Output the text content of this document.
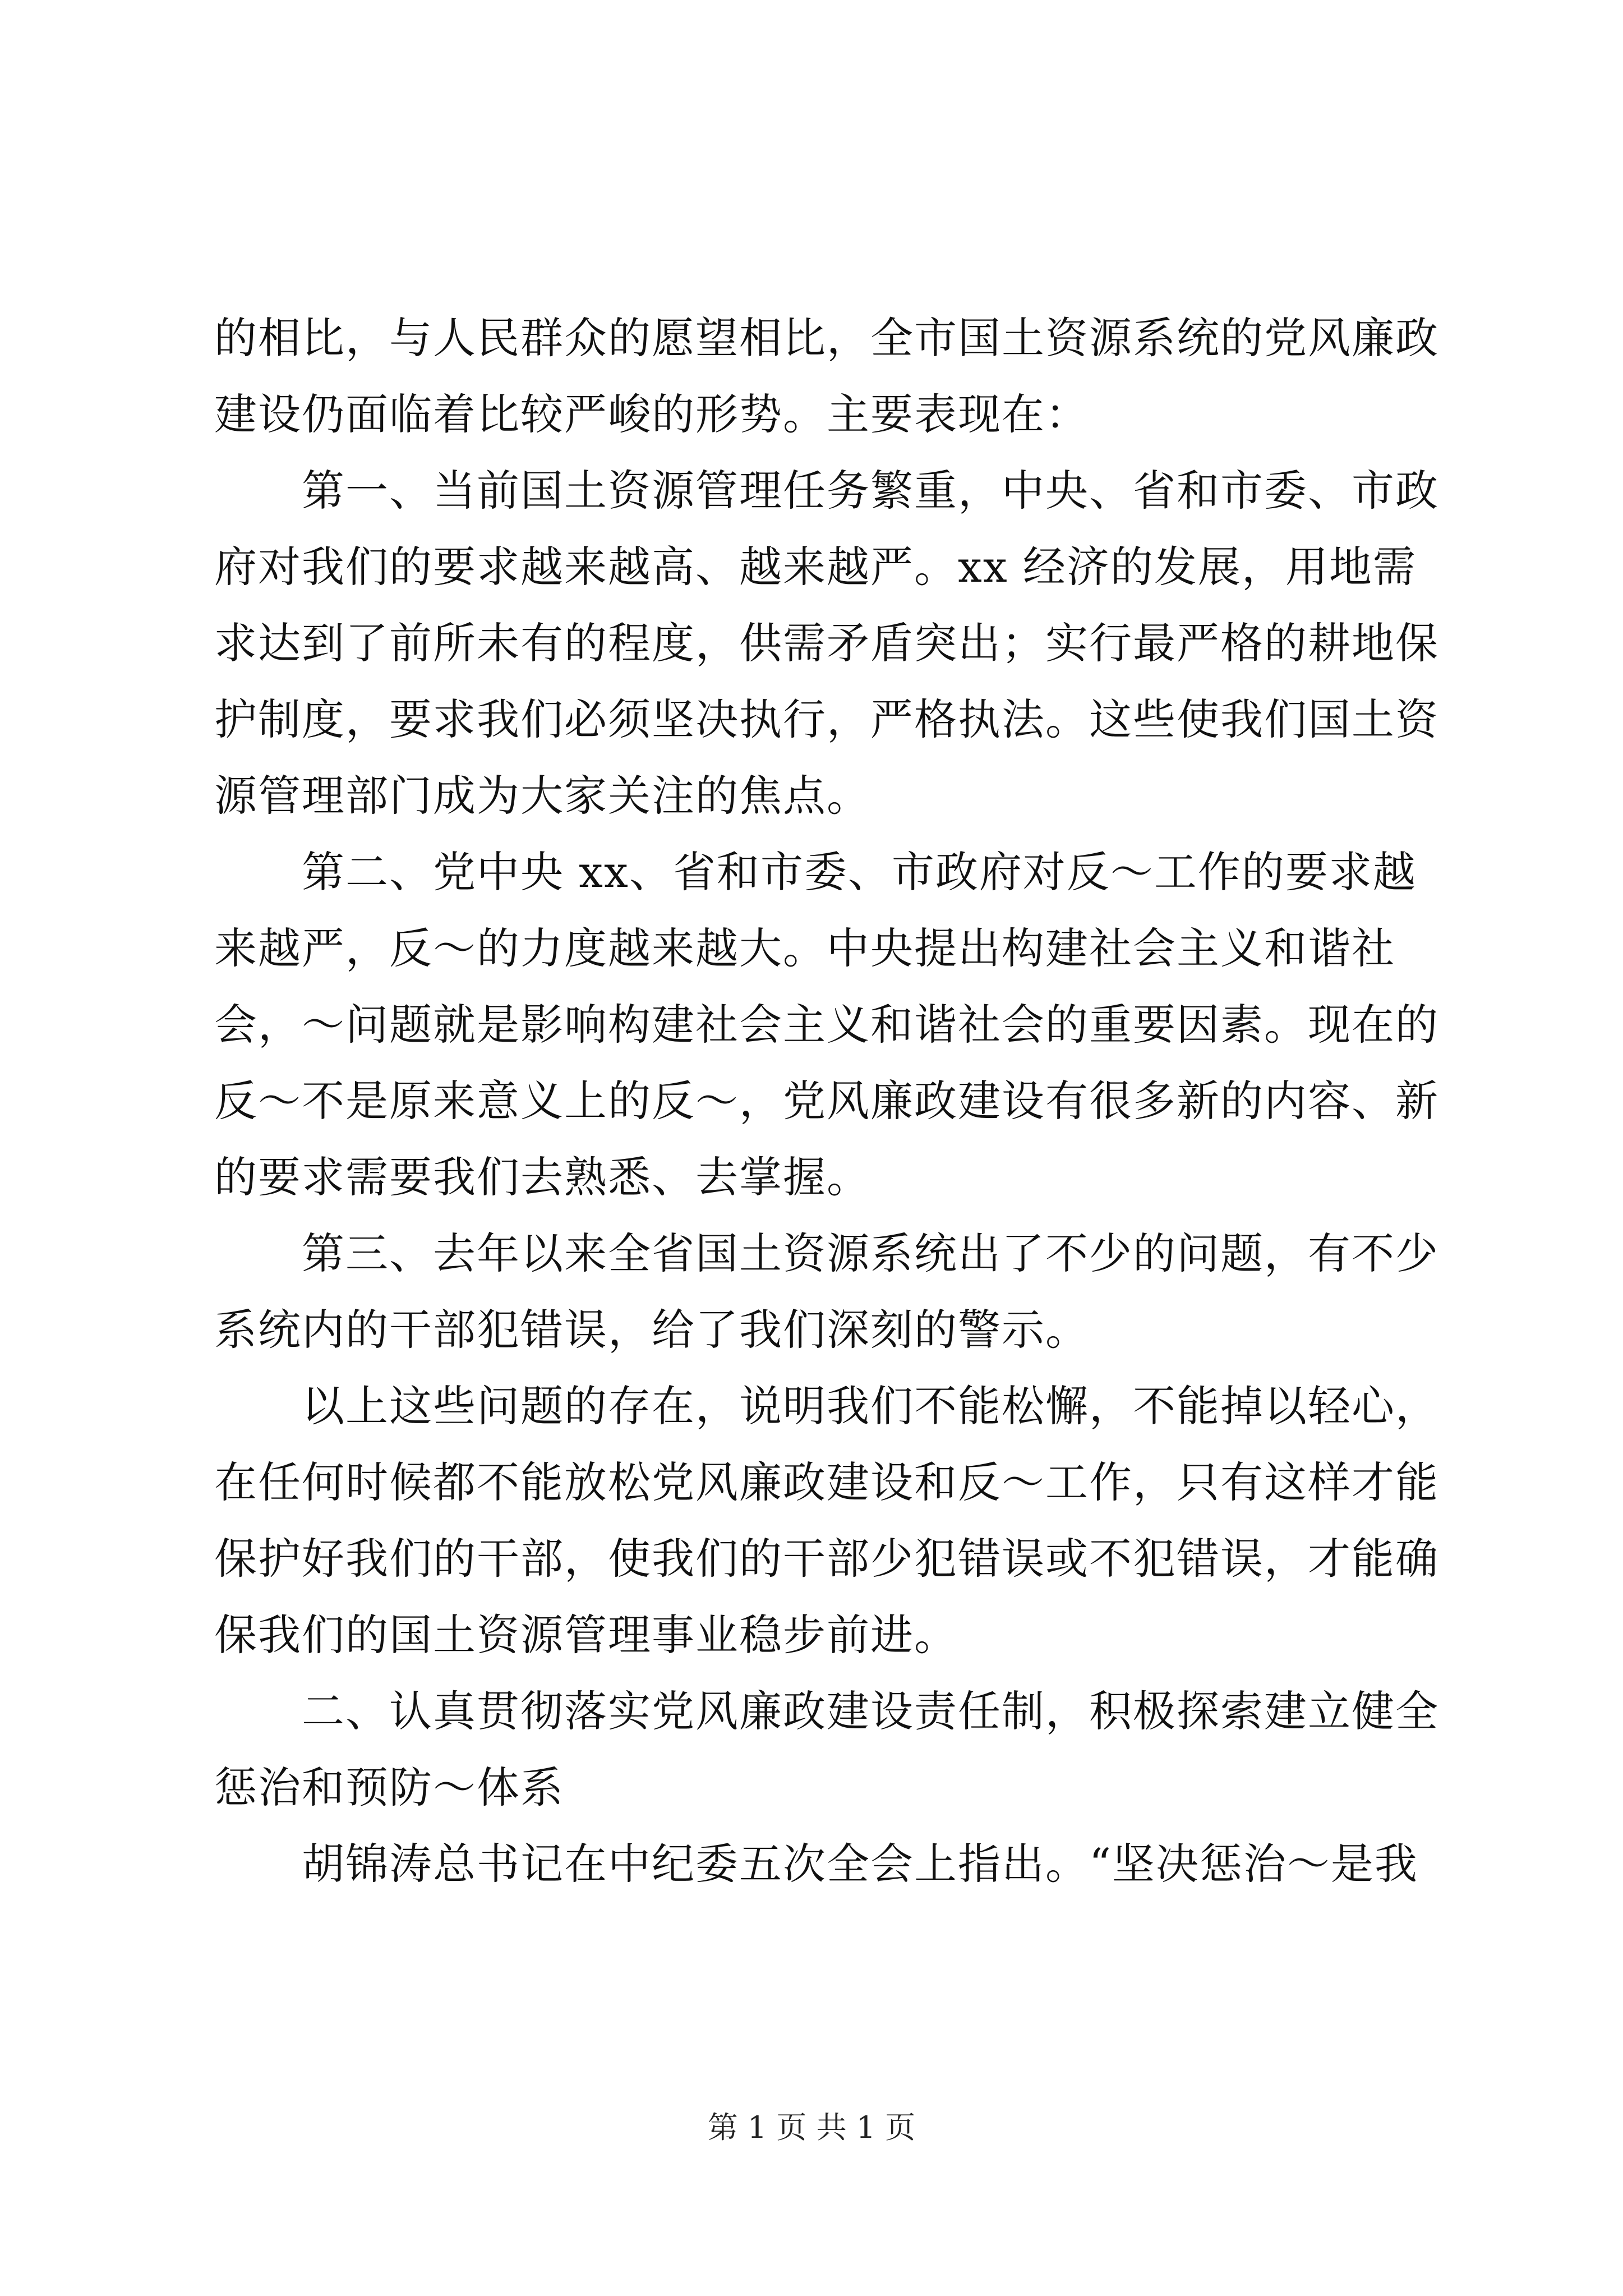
的相比，与人民群众的愿望相比，全市国土资源系统的党风廉政
建设仍面临着比较严峻的形势。主要表现在：
第一、当前国土资源管理任务繁重，中央、省和市委、市政
府对我们的要求越来越高、越来越严。xx 经济的发展，用地需
求达到了前所未有的程度，供需矛盾突出；实行最严格的耕地保
护制度，要求我们必须坚决执行，严格执法。这些使我们国土资
源管理部门成为大家关注的焦点。
第二、党中央 xx、省和市委、市政府对反～工作的要求越
来越严，反～的力度越来越大。中央提出构建社会主义和谐社
会，～问题就是影响构建社会主义和谐社会的重要因素。现在的
反～不是原来意义上的反～，党风廉政建设有很多新的内容、新
的要求需要我们去熟悉、去掌握。
第三、去年以来全省国土资源系统出了不少的问题，有不少
系统内的干部犯错误，给了我们深刻的警示。
以上这些问题的存在，说明我们不能松懈，不能掉以轻心，
在任何时候都不能放松党风廉政建设和反～工作，只有这样才能
保护好我们的干部，使我们的干部少犯错误或不犯错误，才能确
保我们的国土资源管理事业稳步前进。
二、认真贯彻落实党风廉政建设责任制，积极探索建立健全
惩治和预防～体系
胡锦涛总书记在中纪委五次全会上指出。“坚决惩治～是我
第 1 页 共 1 页
